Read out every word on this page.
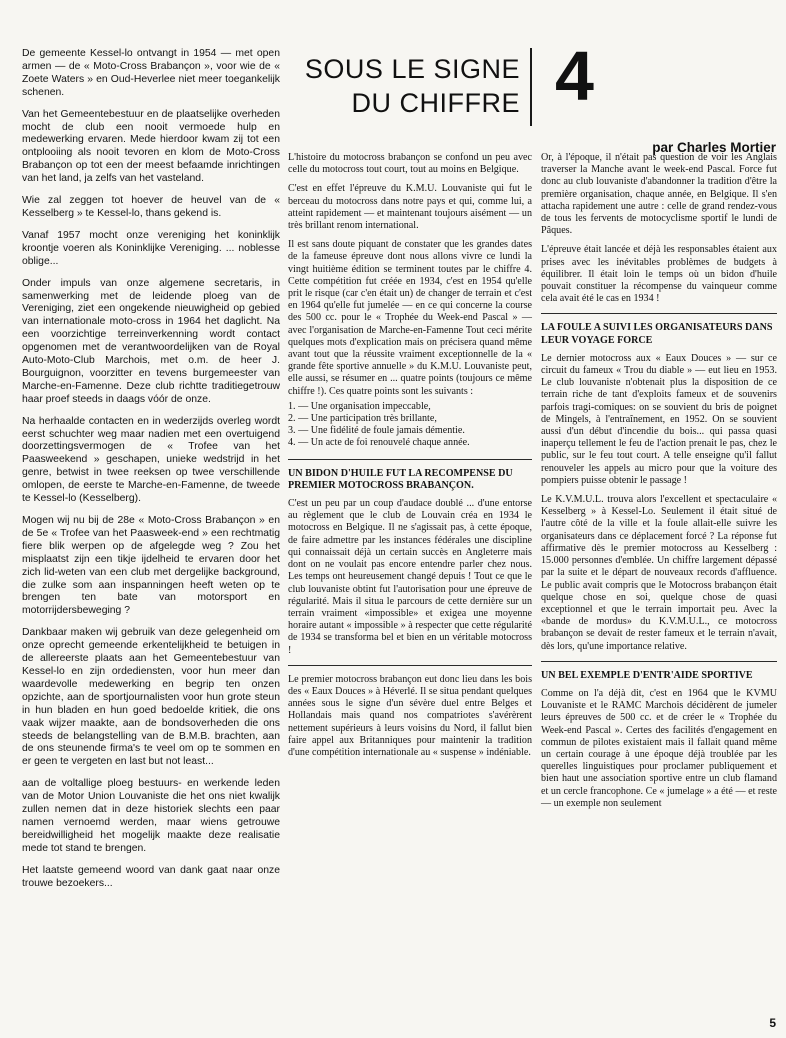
De gemeente Kessel-lo ontvangt in 1954 — met open armen — de « Moto-Cross Brabançon », voor wie de « Zoete Waters » en Oud-Heverlee niet meer toegankelijk schenen.

Van het Gemeentebestuur en de plaatselijke overheden mocht de club een nooit vermoede hulp en medewerking ervaren. Mede hierdoor kwam zij tot een ontplooiing als nooit tevoren en klom de Moto-Cross Brabançon op tot een der meest befaamde inrichtingen van het land, ja zelfs van het vasteland.

Wie zal zeggen tot hoever de heuvel van de « Kesselberg » te Kessel-lo, thans gekend is.

Vanaf 1957 mocht onze vereniging het koninklijk kroontje voeren als Koninklijke Vereniging. ... noblesse oblige...

Onder impuls van onze algemene secretaris, in samenwerking met de leidende ploeg van de Vereniging, ziet een ongekende nieuwigheid op gebied van internationale moto-cross in 1964 het daglicht. Na een voorzichtige terreinverkenning wordt contact opgenomen met de verantwoordelijken van de Royal Auto-Moto-Club Marchois, met o.m. de heer J. Bourguignon, voorzitter en tevens burgemeester van Marche-en-Famenne. Deze club richtte traditiegetrouw haar proef steeds in daags vóór de onze.

Na herhaalde contacten en in wederzijds overleg wordt eerst schuchter weg maar nadien met een overtuigend doorzettingsvermogen de « Trofee van het Paasweekend » geschapen, unieke wedstrijd in het genre, betwist in twee reeksen op twee verschillende omlopen, de eerste te Marche-en-Famenne, de tweede te Kessel-lo (Kesselberg).

Mogen wij nu bij de 28e « Moto-Cross Brabançon » en de 5e « Trofee van het Paasweek-end » een rechtmatig fiere blik werpen op de afgelegde weg ? Zou het misplaatst zijn een tikje ijdelheid te ervaren door het zich lid-weten van een club met dergelijke background, die zulke som aan inspanningen heeft weten op te brengen ten bate van motorsport en motorrijdersbeweging ?

Dankbaar maken wij gebruik van deze gelegenheid om onze oprecht gemeende erkentelijkheid te betuigen in de allereerste plaats aan het Gemeentebestuur van Kessel-lo en zijn ordediensten, voor hun meer dan waardevolle medewerking en begrip ten onzen opzichte, aan de sportjournalisten voor hun grote steun in hun bladen en hun goed bedoelde kritiek, die ons vaak wijzer maakte, aan de bondsoverheden die ons steeds de belangstelling van de B.M.B. brachten, aan de ons steunende firma's te veel om op te sommen en er geen te vergeten en last but not least...

aan de voltallige ploeg bestuurs- en werkende leden van de Motor Union Louvaniste die het ons niet kwalijk zullen nemen dat in deze historiek slechts een paar namen vernoemd werden, maar wiens getrouwe bereidwilligheid het mogelijk maakte deze realisatie mede tot stand te brengen.

Het laatste gemeend woord van dank gaat naar onze trouwe bezoekers...

SOUS LE SIGNE
DU CHIFFRE 4
par Charles Mortier

L'histoire du motocross brabançon se confond un peu avec celle du motocross tout court, tout au moins en Belgique.

C'est en effet l'épreuve du K.M.U. Louvaniste qui fut le berceau du motocross dans notre pays et qui, comme lui, a atteint rapidement — et maintenant toujours aisément — un très brillant renom international.

Il est sans doute piquant de constater que les grandes dates de la fameuse épreuve dont nous allons vivre ce lundi la vingt huitième édition se terminent toutes par le chiffre 4. Cette compétition fut créée en 1934, c'est en 1954 qu'elle prit le risque (car c'en était un) de changer de terrain et c'est en 1964 qu'elle fut jumelée — en ce qui concerne la course des 500 cc. pour le « Trophée du Week-end Pascal » — avec l'organisation de Marche-en-Famenne Tout ceci mérite quelques mots d'explication mais on précisera quand même avant tout que la réussite vraiment exceptionnelle de la « grande fête sportive annuelle » du K.M.U. Louvaniste peut, elle aussi, se résumer en ... quatre points (toujours ce même chiffre !). Ces quatre points sont les suivants :

1. — Une organisation impeccable,
2. — Une participation très brillante,
3. — Une fidélité de foule jamais démentie.
4. — Un acte de foi renouvelé chaque année.
UN BIDON D'HUILE FUT LA RECOMPENSE DU PREMIER MOTOCROSS BRABANÇON.

C'est un peu par un coup d'audace doublé ... d'une entorse au règlement que le club de Louvain créa en 1934 le motocross en Belgique. Il ne s'agissait pas, à cette époque, de faire admettre par les instances fédérales une discipline qui connaissait déjà un certain succès en Angleterre mais dont on ne voulait pas encore entendre parler chez nous. Les temps ont heureusement changé depuis ! Tout ce que le club louvaniste obtint fut l'autorisation pour une épreuve de régularité. Mais il situa le parcours de cette dernière sur un terrain vraiment «impossible» et exigea une moyenne horaire autant « impossible » à respecter que cette régularité de 1934 se transforma bel et bien en un véritable motocross !

Le premier motocross brabançon eut donc lieu dans les bois des « Eaux Douces » à Héverlé. Il se situa pendant quelques années sous le signe d'un sévère duel entre Belges et Hollandais mais quand nos compatriotes s'avérèrent nettement supérieurs à leurs voisins du Nord, il fallut bien faire appel aux Britanniques pour maintenir la tradition d'une compétition internationale au « suspense » indéniable.

Or, à l'époque, il n'était pas question de voir les Anglais traverser la Manche avant le week-end Pascal. Force fut donc au club louvaniste d'abandonner la tradition d'être la première organisation, chaque année, en Belgique. Il s'en attacha rapidement une autre : celle de grand rendez-vous de tous les fervents de motocyclisme sportif le lundi de Pâques.

L'épreuve était lancée et déjà les responsables étaient aux prises avec les inévitables problèmes de budgets à équilibrer. Il était loin le temps où un bidon d'huile pouvait constituer la récompense du vainqueur comme cela avait été le cas en 1934 !

LA FOULE A SUIVI LES ORGANISATEURS DANS LEUR VOYAGE FORCE

Le dernier motocross aux « Eaux Douces » — sur ce circuit du fameux « Trou du diable » — eut lieu en 1953. Le club louvaniste n'obtenait plus la disposition de ce terrain riche de tant d'exploits fameux et de souvenirs parfois tragi-comiques: on se souvient du bris de poignet de Mingels, à l'entraînement, en 1952. On se souvient aussi d'un début d'incendie du bois... qui passa quasi inaperçu tellement le feu de l'action prenait le pas, chez le public, sur le feu tout court. A telle enseigne qu'il fallut renouveler les appels au micro pour que la voiture des pompiers puisse obtenir le passage !

Le K.V.M.U.L. trouva alors l'excellent et spectaculaire « Kesselberg » à Kessel-Lo. Seulement il était situé de l'autre côté de la ville et la foule allait-elle suivre les organisateurs dans ce déplacement forcé ? La réponse fut affirmative dès le premier motocross au Kesselberg : 15.000 personnes d'emblée. Un chiffre largement dépassé par la suite et le départ de nouveaux records d'affluence. Le public avait compris que le Motocross brabançon était quelque chose en soi, quelque chose de quasi exceptionnel et que le terrain importait peu. Avec la «bande de mordus» du K.V.M.U.L., ce motocross brabançon se devait de rester fameux et le terrain n'avait, dès lors, qu'une importance relative.

UN BEL EXEMPLE D'ENTR'AIDE SPORTIVE

Comme on l'a déjà dit, c'est en 1964 que le KVMU Louvaniste et le RAMC Marchois décidèrent de jumeler leurs épreuves de 500 cc. et de créer le « Trophée du Week-end Pascal ». Certes des facilités d'engagement en commun de pilotes existaient mais il fallait quand même un certain courage à une époque déjà troublée par les querelles linguistiques pour proclamer publiquement et bien haut une association sportive entre un club flamand et un cercle francophone. Ce « jumelage » a été — et reste — un exemple non seulement

5
